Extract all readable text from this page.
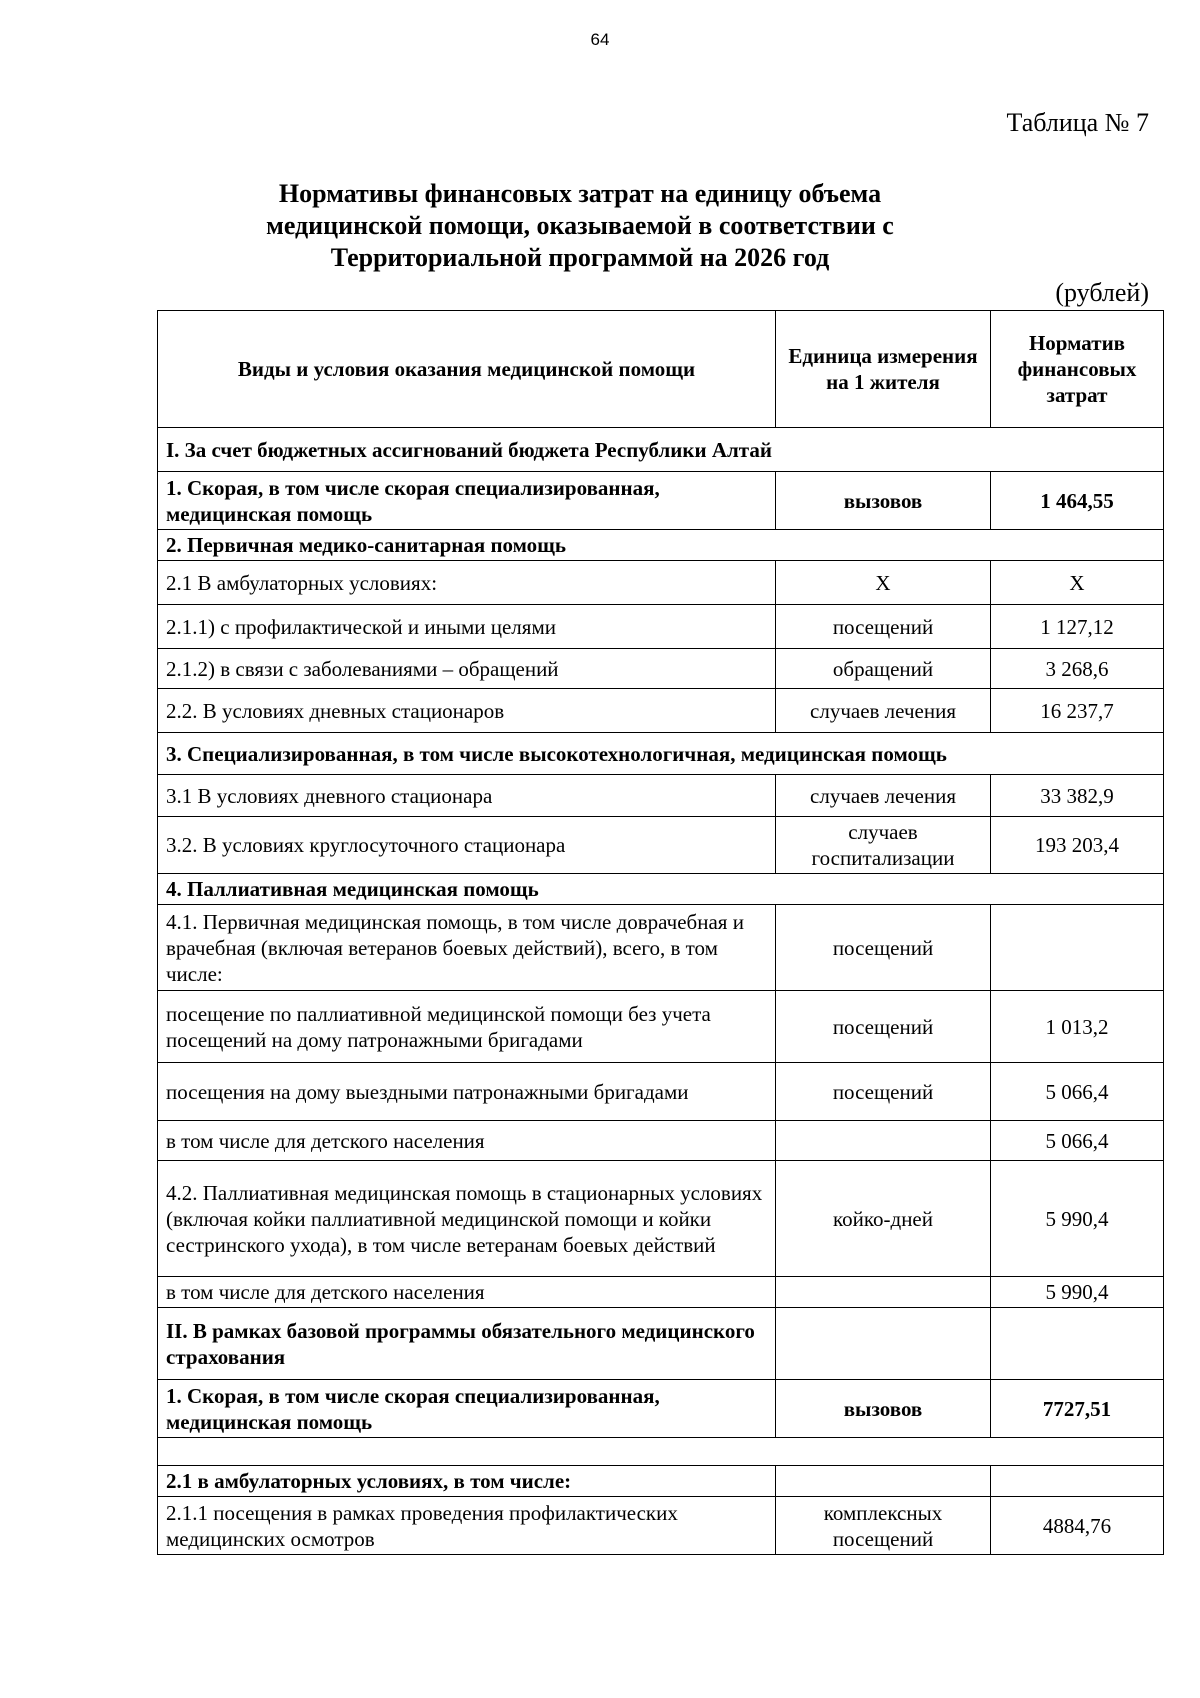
64
Таблица № 7
Нормативы финансовых затрат на единицу объема медицинской помощи, оказываемой в соответствии с Территориальной программой на 2026 год
(рублей)
Виды и условия оказания медицинской помощи	Единица измерения на 1 жителя	Норматив финансовых затрат
I. За счет бюджетных ассигнований бюджета Республики Алтай		
1. Скорая, в том числе скорая специализированная, медицинская помощь	вызовов	1 464,55
2. Первичная медико-санитарная помощь		
2.1 В амбулаторных условиях:	Х	Х
2.1.1) с профилактической и иными целями	посещений	1 127,12
2.1.2) в связи с заболеваниями – обращений	обращений	3 268,6
2.2. В условиях дневных стационаров	случаев лечения	16 237,7
3. Специализированная, в том числе высокотехнологичная, медицинская помощь		
3.1 В условиях дневного стационара	случаев лечения	33 382,9
3.2. В условиях круглосуточного стационара	случаев госпитализации	193 203,4
4. Паллиативная медицинская помощь		
4.1. Первичная медицинская помощь, в том числе доврачебная и врачебная (включая ветеранов боевых действий), всего, в том числе:	посещений	
посещение по паллиативной медицинской помощи без учета посещений на дому патронажными бригадами	посещений	1 013,2
посещения на дому выездными патронажными бригадами	посещений	5 066,4
в том числе для детского населения		5 066,4
4.2. Паллиативная медицинская помощь в стационарных условиях (включая койки паллиативной медицинской помощи и койки сестринского ухода), в том числе ветеранам боевых действий	койко-дней	5 990,4
в том числе для детского населения		5 990,4
II. В рамках базовой программы обязательного медицинского страхования		
1. Скорая, в том числе скорая специализированная, медицинская помощь	вызовов	7727,51

2.1 в амбулаторных условиях, в том числе:		
2.1.1 посещения в рамках проведения профилактических медицинских осмотров	комплексных посещений	4884,76
